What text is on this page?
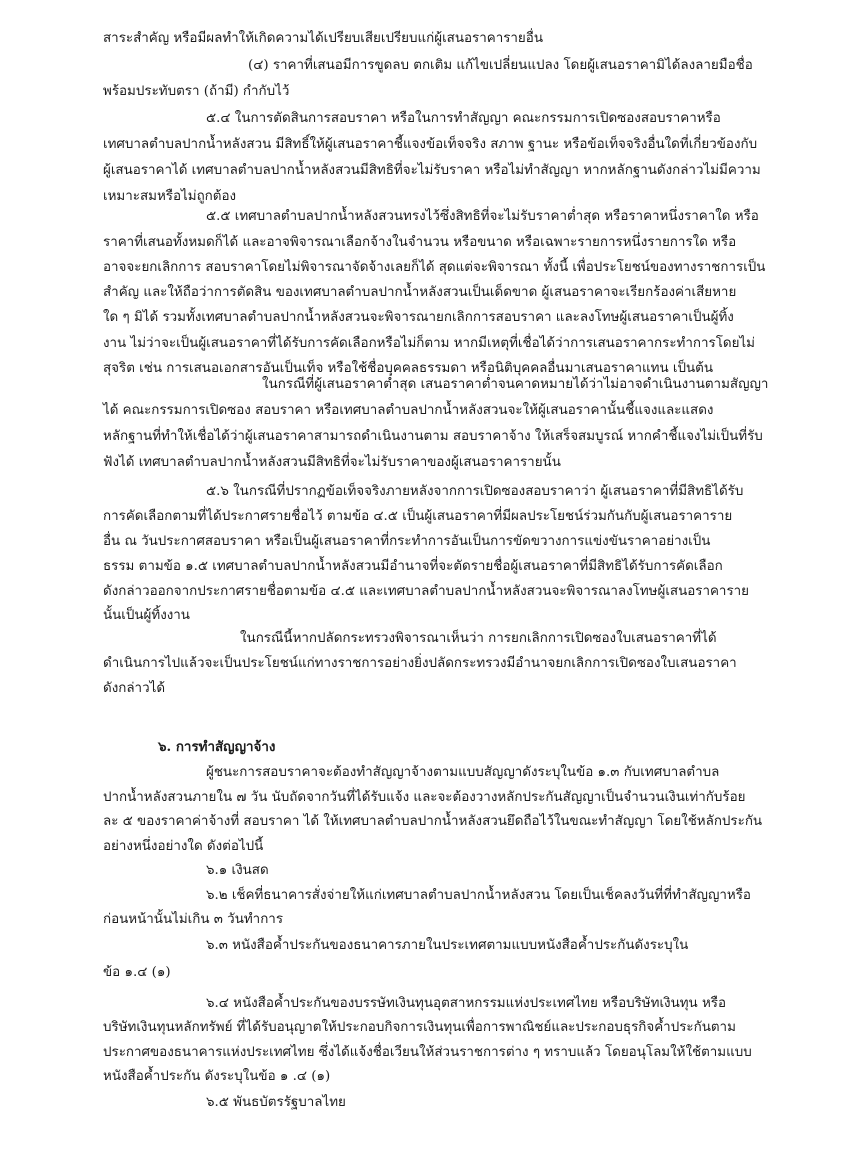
สาระสำคัญ หรือมีผลทำให้เกิดความได้เปรียบเสียเปรียบแก่ผู้เสนอราคารายอื่น
(๔) ราคาที่เสนอมีการขูดลบ ตกเติม แก้ไขเปลี่ยนแปลง โดยผู้เสนอราคามิได้ลงลายมือชื่อ
พร้อมประทับตรา (ถ้ามี) กำกับไว้
๕.๔ ในการตัดสินการสอบราคา หรือในการทำสัญญา คณะกรรมการเปิดซองสอบราคาหรือ
เทศบาลตำบลปากน้ำหลังสวน มีสิทธิ์ให้ผู้เสนอราคาชี้แจงข้อเท็จจริง สภาพ ฐานะ หรือข้อเท็จจริงอื่นใดที่เกี่ยวข้องกับ
ผู้เสนอราคาได้ เทศบาลตำบลปากน้ำหลังสวนมีสิทธิที่จะไม่รับราคา หรือไม่ทำสัญญา หากหลักฐานดังกล่าวไม่มีความ
เหมาะสมหรือไม่ถูกต้อง
๕.๕ เทศบาลตำบลปากน้ำหลังสวนทรงไว้ซึ่งสิทธิที่จะไม่รับราคาต่ำสุด หรือราคาหนึ่งราคาใด หรือ
ราคาที่เสนอทั้งหมดก็ได้ และอาจพิจารณาเลือกจ้างในจำนวน หรือขนาด หรือเฉพาะรายการหนึ่งรายการใด หรือ
อาจจะยกเลิกการ สอบราคาโดยไม่พิจารณาจัดจ้างเลยก็ได้ สุดแต่จะพิจารณา ทั้งนี้ เพื่อประโยชน์ของทางราชการเป็น
สำคัญ และให้ถือว่าการตัดสิน ของเทศบาลตำบลปากน้ำหลังสวนเป็นเด็ดขาด ผู้เสนอราคาจะเรียกร้องค่าเสียหาย
ใด ๆ มิได้ รวมทั้งเทศบาลตำบลปากน้ำหลังสวนจะพิจารณายกเลิกการสอบราคา และลงโทษผู้เสนอราคาเป็นผู้ทิ้ง
งาน ไม่ว่าจะเป็นผู้เสนอราคาที่ได้รับการคัดเลือกหรือไม่ก็ตาม หากมีเหตุที่เชื่อได้ว่าการเสนอราคากระทำการโดยไม่
สุจริต เช่น การเสนอเอกสารอันเป็นเท็จ หรือใช้ชื่อบุคคลธรรมดา หรือนิติบุคคลอื่นมาเสนอราคาแทน เป็นต้น
ในกรณีที่ผู้เสนอราคาต่ำสุด เสนอราคาต่ำจนคาดหมายได้ว่าไม่อาจดำเนินงานตามสัญญา
ได้ คณะกรรมการเปิดซอง สอบราคา หรือเทศบาลตำบลปากน้ำหลังสวนจะให้ผู้เสนอราคานั้นชี้แจงและแสดง
หลักฐานที่ทำให้เชื่อได้ว่าผู้เสนอราคาสามารถดำเนินงานตาม สอบราคาจ้าง ให้เสร็จสมบูรณ์ หากคำชี้แจงไม่เป็นที่รับ
ฟังได้ เทศบาลตำบลปากน้ำหลังสวนมีสิทธิที่จะไม่รับราคาของผู้เสนอราคารายนั้น
๕.๖ ในกรณีที่ปรากฏข้อเท็จจริงภายหลังจากการเปิดซองสอบราคาว่า ผู้เสนอราคาที่มีสิทธิได้รับ
การคัดเลือกตามที่ได้ประกาศรายชื่อไว้ ตามข้อ ๔.๕ เป็นผู้เสนอราคาที่มีผลประโยชน์ร่วมกันกับผู้เสนอราคาราย
อื่น ณ วันประกาศสอบราคา หรือเป็นผู้เสนอราคาที่กระทำการอันเป็นการขัดขวางการแข่งขันราคาอย่างเป็น
ธรรม ตามข้อ ๑.๕ เทศบาลตำบลปากน้ำหลังสวนมีอำนาจที่จะตัดรายชื่อผู้เสนอราคาที่มีสิทธิได้รับการคัดเลือก
ดังกล่าวออกจากประกาศรายชื่อตามข้อ ๔.๕ และเทศบาลตำบลปากน้ำหลังสวนจะพิจารณาลงโทษผู้เสนอราคาราย
นั้นเป็นผู้ทิ้งงาน
ในกรณีนี้หากปลัดกระทรวงพิจารณาเห็นว่า การยกเลิกการเปิดซองใบเสนอราคาที่ได้
ดำเนินการไปแล้วจะเป็นประโยชน์แก่ทางราชการอย่างยิ่งปลัดกระทรวงมีอำนาจยกเลิกการเปิดซองใบเสนอราคา
ดังกล่าวได้
๖. การทำสัญญาจ้าง
ผู้ชนะการสอบราคาจะต้องทำสัญญาจ้างตามแบบสัญญาดังระบุในข้อ ๑.๓ กับเทศบาลตำบล
ปากน้ำหลังสวนภายใน ๗ วัน นับถัดจากวันที่ได้รับแจ้ง และจะต้องวางหลักประกันสัญญาเป็นจำนวนเงินเท่ากับร้อย
ละ ๕ ของราคาค่าจ้างที่ สอบราคา ได้ ให้เทศบาลตำบลปากน้ำหลังสวนยึดถือไว้ในขณะทำสัญญา โดยใช้หลักประกัน
อย่างหนึ่งอย่างใด ดังต่อไปนี้
๖.๑ เงินสด
๖.๒ เช็คที่ธนาคารสั่งจ่ายให้แก่เทศบาลตำบลปากน้ำหลังสวน โดยเป็นเช็คลงวันที่ที่ทำสัญญาหรือ
ก่อนหน้านั้นไม่เกิน ๓ วันทำการ
๖.๓ หนังสือค้ำประกันของธนาคารภายในประเทศตามแบบหนังสือค้ำประกันดังระบุใน
ข้อ ๑.๔ (๑)
๖.๔ หนังสือค้ำประกันของบรรษัทเงินทุนอุตสาหกรรมแห่งประเทศไทย หรือบริษัทเงินทุน หรือ
บริษัทเงินทุนหลักทรัพย์ ที่ได้รับอนุญาตให้ประกอบกิจการเงินทุนเพื่อการพาณิชย์และประกอบธุรกิจค้ำประกันตาม
ประกาศของธนาคารแห่งประเทศไทย ซึ่งได้แจ้งชื่อเวียนให้ส่วนราชการต่าง ๆ ทราบแล้ว โดยอนุโลมให้ใช้ตามแบบ
หนังสือค้ำประกัน ดังระบุในข้อ ๑ .๔ (๑)
๖.๕ พันธบัตรรัฐบาลไทย
